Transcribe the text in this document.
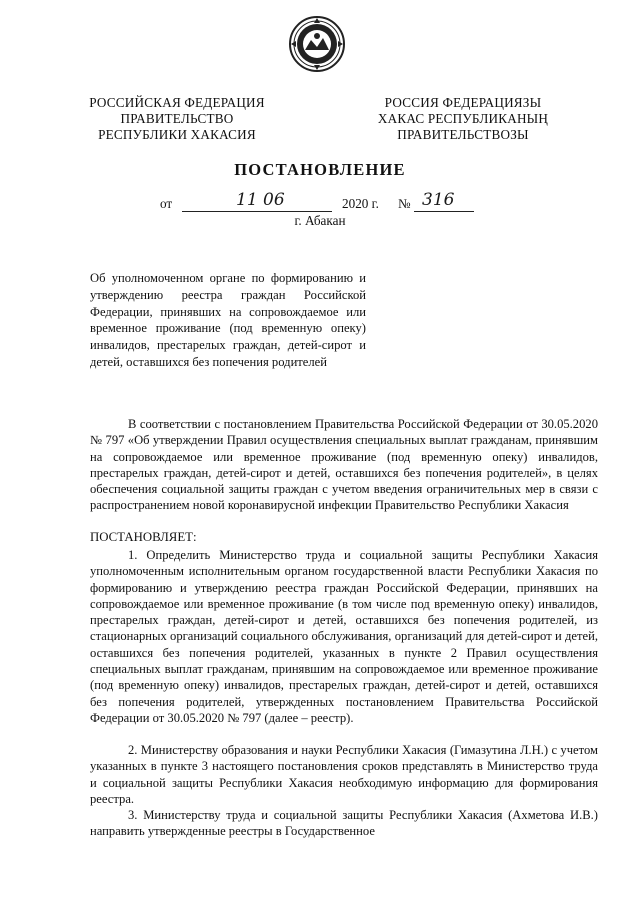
РОССИЙСКАЯ ФЕДЕРАЦИЯ
ПРАВИТЕЛЬСТВО
РЕСПУБЛИКИ ХАКАСИЯ
РОССИЯ ФЕДЕРАЦИЯЗЫ
ХАКАС РЕСПУБЛИКАНЫҢ
ПРАВИТЕЛЬСТВОЗЫ
ПОСТАНОВЛЕНИЕ
от	11 06	2020 г. № 316
г. Абакан
Об уполномоченном органе по формированию и утверждению реестра граждан Российской Федерации, принявших на сопровождаемое или временное проживание (под временную опеку) инвалидов, престарелых граждан, детей-сирот и детей, оставшихся без попечения родителей

В соответствии с постановлением Правительства Российской Федерации от 30.05.2020 № 797 «Об утверждении Правил осуществления специальных выплат гражданам, принявшим на сопровождаемое или временное проживание (под временную опеку) инвалидов, престарелых граждан, детей-сирот и детей, оставшихся без попечения родителей», в целях обеспечения социальной защиты граждан с учетом введения ограничительных мер в связи с распространением новой коронавирусной инфекции Правительство Республики Хакасия

ПОСТАНОВЛЯЕТ:

1. Определить Министерство труда и социальной защиты Республики Хакасия уполномоченным исполнительным органом государственной власти Республики Хакасия по формированию и утверждению реестра граждан Российской Федерации, принявших на сопровождаемое или временное проживание (в том числе под временную опеку) инвалидов, престарелых граждан, детей-сирот и детей, оставшихся без попечения родителей, из стационарных организаций социального обслуживания, организаций для детей-сирот и детей, оставшихся без попечения родителей, указанных в пункте 2 Правил осуществления специальных выплат гражданам, принявшим на сопровождаемое или временное проживание (под временную опеку) инвалидов, престарелых граждан, детей-сирот и детей, оставшихся без попечения родителей, утвержденных постановлением Правительства Российской Федерации от 30.05.2020 № 797 (далее – реестр).

2. Министерству образования и науки Республики Хакасия (Гимазутина Л.Н.) с учетом указанных в пункте 3 настоящего постановления сроков представлять в Министерство труда и социальной защиты Республики Хакасия необходимую информацию для формирования реестра.

3. Министерству труда и социальной защиты Республики Хакасия (Ахметова И.В.) направить утвержденные реестры в Государственное
